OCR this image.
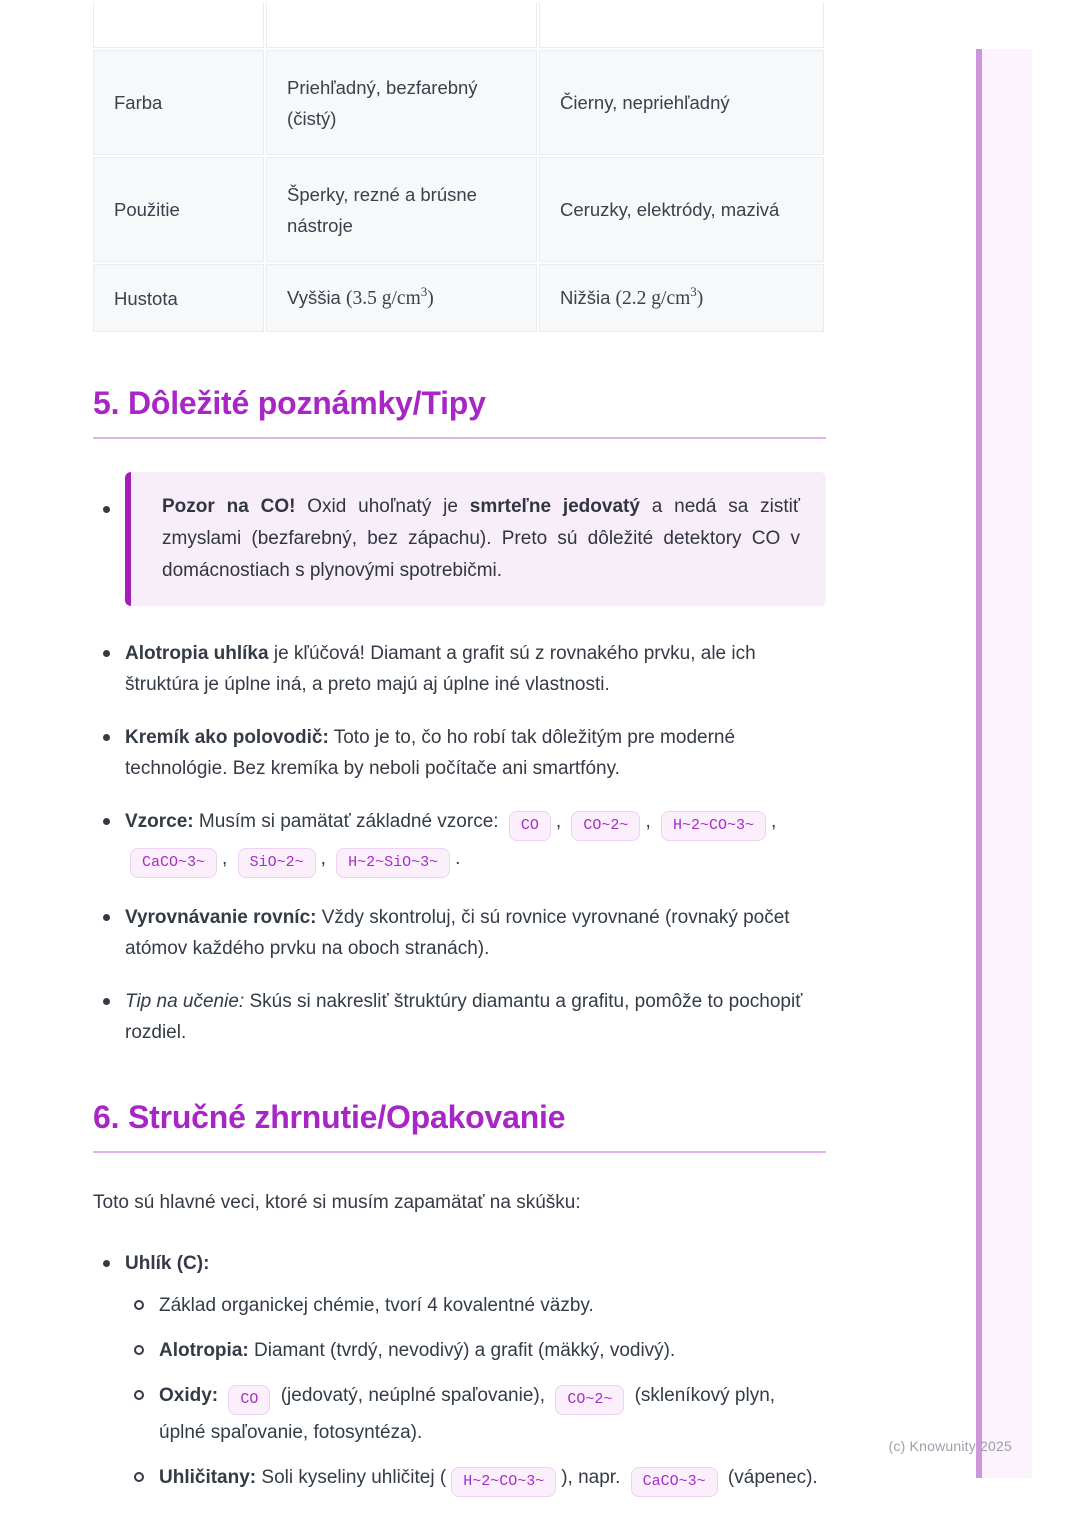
Farba	Priehľadný, bezfarebný (čistý)	Čierny, nepriehľadný
Použitie	Šperky, rezné a brúsne nástroje	Ceruzky, elektródy, mazivá
Hustota	Vyššia (3.5 $g/cm^3$)	Nižšia (2.2 $g/cm^3$)
5. Dôležité poznámky/Tipy
Pozor na CO! Oxid uhoľnatý je smrteľne jedovatý a nedá sa zistiť zmyslami (bezfarebný, bez zápachu). Preto sú dôležité detektory CO v domácnostiach s plynovými spotrebičmi.
Alotropia uhlíka je kľúčová! Diamant a grafit sú z rovnakého prvku, ale ich štruktúra je úplne iná, a preto majú aj úplne iné vlastnosti.
Kremík ako polovodič: Toto je to, čo ho robí tak dôležitým pre moderné technológie. Bez kremíka by neboli počítače ani smartfóny.
Vzorce: Musím si pamätať základné vzorce: CO , CO~2~ , H~2~CO~3~ , CaCO~3~ , SiO~2~ , H~2~SiO~3~ .
Vyrovnávanie rovníc: Vždy skontroluj, či sú rovnice vyrovnané (rovnaký počet atómov každého prvku na oboch stranách).
Tip na učenie: Skús si nakresliť štruktúry diamantu a grafitu, pomôže to pochopiť rozdiel.
6. Stručné zhrnutie/Opakovanie

Toto sú hlavné veci, ktoré si musím zapamätať na skúšku:

Uhlík (C):
Základ organickej chémie, tvorí 4 kovalentné väzby.
Alotropia: Diamant (tvrdý, nevodivý) a grafit (mäkký, vodivý).
Oxidy: CO (jedovatý, neúplné spaľovanie), CO~2~ (skleníkový plyn, úplné spaľovanie, fotosyntéza).
Uhličitany: Soli kyseliny uhličitej ( H~2~CO~3~ ), napr. CaCO~3~ (vápenec).
(c) Knowunity 2025
